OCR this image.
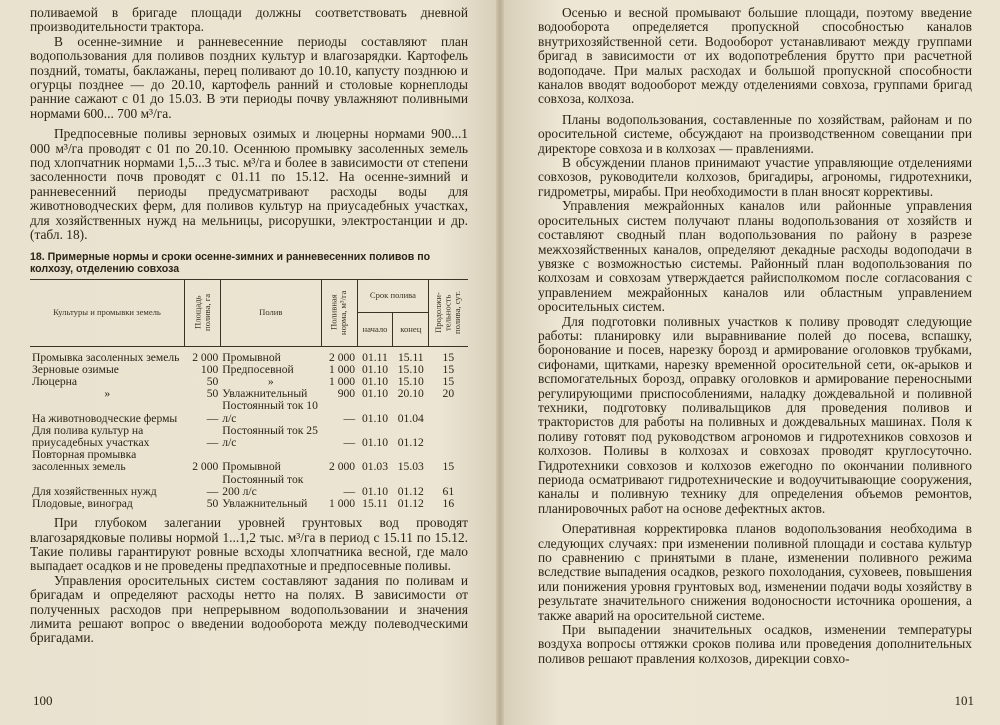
поливаемой в бригаде площади должны соответствовать дневной производительности трактора.

В осенне-зимние и ранневесенние периоды составляют план водопользования для поливов поздних культур и влагозарядки. Картофель поздний, томаты, баклажаны, перец поливают до 10.10, капусту позднюю и огурцы позднее — до 20.10, картофель ранний и столовые корнеплоды ранние сажают с 01 до 15.03. В эти периоды почву увлажняют поливными нормами 600... 700 м³/га.

Предпосевные поливы зерновых озимых и люцерны нормами 900...1 000 м³/га проводят с 01 по 20.10. Осеннюю промывку засоленных земель под хлопчатник нормами 1,5...3 тыс. м³/га и более в зависимости от степени засоленности почв проводят с 01.11 по 15.12. На осенне-зимний и ранневесенний периоды предусматривают расходы воды для животноводческих ферм, для поливов культур на приусадебных участках, для хозяйственных нужд на мельницы, рисорушки, электростанции и др. (табл. 18).

18. Примерные нормы и сроки осенне-зимних и ранневесенних поливов по колхозу, отделению совхоза
Культуры и промывки земель	Площадь полива, га	Полив	Поливная норма, м³/га	Срок полива		Продолжи-тельность полива, сут.
				начало	конец	

Промывка засоленных земель	2 000	Промывной	2 000	01.11	15.11	15
Зерновые озимые	100	Предпосевной	1 000	01.10	15.10	15
Люцерна	50	»	1 000	01.10	15.10	15
»	50	Увлажнительный	900	01.10	20.10	20
На животноводческие фермы	—	Постоянный ток 10 л/с	—	01.10	01.04	
Для полива культур на приусадебных участках	—	Постоянный ток 25 л/с	—	01.10	01.12	
Повторная промывка засоленных земель	2 000	Промывной	2 000	01.03	15.03	15
Для хозяйственных нужд	—	Постоянный ток 200 л/с	—	01.10	01.12	61
Плодовые, виноград	50	Увлажнительный	1 000	15.11	01.12	16

При глубоком залегании уровней грунтовых вод проводят влагозарядковые поливы нормой 1...1,2 тыс. м³/га в период с 15.11 по 15.12. Такие поливы гарантируют ровные всходы хлопчатника весной, где мало выпадает осадков и не проведены предпахотные и предпосевные поливы.

Управления оросительных систем составляют задания по поливам и бригадам и определяют расходы нетто на полях. В зависимости от полученных расходов при непрерывном водопользовании и значения лимита решают вопрос о введении водооборота между полеводческими бригадами.

100

Осенью и весной промывают большие площади, поэтому введение водооборота определяется пропускной способностью каналов внутрихозяйственной сети. Водооборот устанавливают между группами бригад в зависимости от их водопотребления брутто при расчетной водоподаче. При малых расходах и большой пропускной способности каналов вводят водооборот между отделениями совхоза, группами бригад совхоза, колхоза.

Планы водопользования, составленные по хозяйствам, районам и по оросительной системе, обсуждают на производственном совещании при директоре совхоза и в колхозах — правлениями.

В обсуждении планов принимают участие управляющие отделениями совхозов, руководители колхозов, бригадиры, агрономы, гидротехники, гидрометры, мирабы. При необходимости в план вносят коррективы.

Управления межрайонных каналов или районные управления оросительных систем получают планы водопользования от хозяйств и составляют сводный план водопользования по району в разрезе межхозяйственных каналов, определяют декадные расходы водоподачи в увязке с возможностью системы. Районный план водопользования по колхозам и совхозам утверждается райисполкомом после согласования с управлением межрайонных каналов или областным управлением оросительных систем.

Для подготовки поливных участков к поливу проводят следующие работы: планировку или выравнивание полей до посева, вспашку, боронование и посев, нарезку борозд и армирование оголовков трубками, сифонами, щитками, нарезку временной оросительной сети, ок-арыков и вспомогательных борозд, оправку оголовков и армирование переносными регулирующими приспособлениями, наладку дождевальной и поливной техники, подготовку поливальщиков для проведения поливов и трактористов для работы на поливных и дождевальных машинах. Поля к поливу готовят под руководством агрономов и гидротехников совхозов и колхозов. Поливы в колхозах и совхозах проводят круглосуточно. Гидротехники совхозов и колхозов ежегодно по окончании поливного периода осматривают гидротехнические и водоучитывающие сооружения, каналы и поливную технику для определения объемов ремонтов, планировочных работ на основе дефектных актов.

Оперативная корректировка планов водопользования необходима в следующих случаях: при изменении поливной площади и состава культур по сравнению с принятыми в плане, изменении поливного режима вследствие выпадения осадков, резкого похолодания, суховеев, повышения или понижения уровня грунтовых вод, изменении подачи воды хозяйству в результате значительного снижения водоносности источника орошения, а также аварий на оросительной системе.

При выпадении значительных осадков, изменении температуры воздуха вопросы оттяжки сроков полива или проведения дополнительных поливов решают правления колхозов, дирекции совхо-

101
